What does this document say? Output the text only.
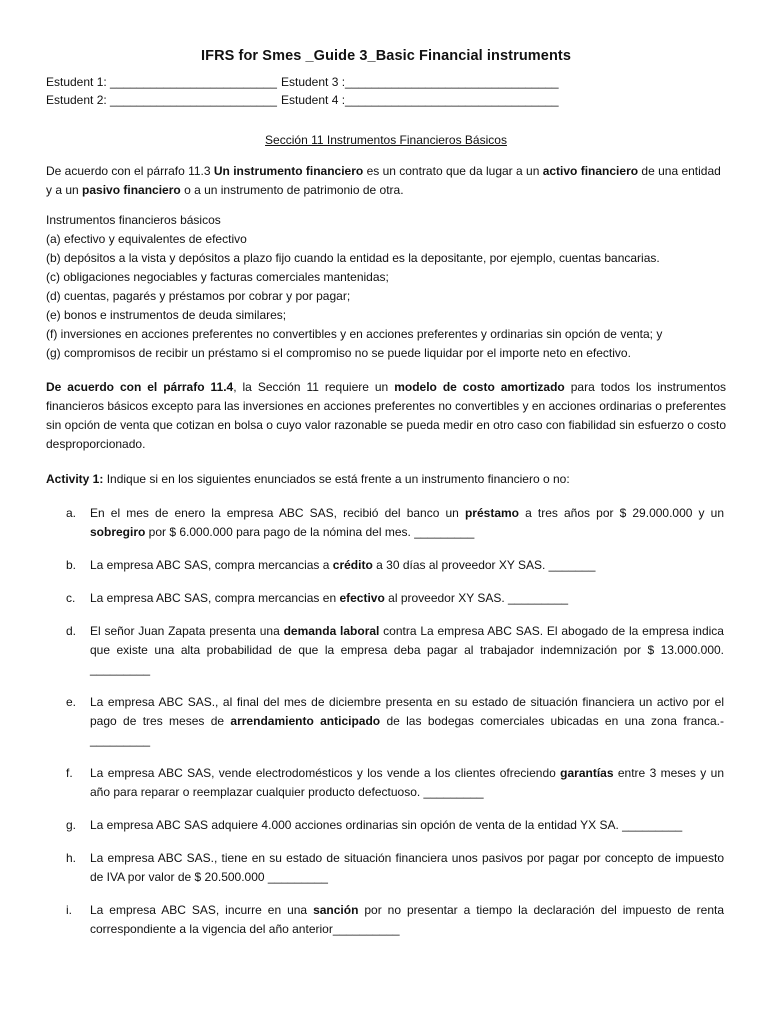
IFRS for Smes _Guide 3_Basic Financial instruments
Estudent 1: _________________________ Estudent 3 :________________________________
Estudent 2: _________________________ Estudent 4 :________________________________
Sección 11 Instrumentos Financieros Básicos

De acuerdo con el párrafo 11.3 Un instrumento financiero es un contrato que da lugar a un activo financiero de una entidad y a un pasivo financiero o a un instrumento de patrimonio de otra.

Instrumentos financieros básicos

(a) efectivo y equivalentes de efectivo
(b) depósitos a la vista y depósitos a plazo fijo cuando la entidad es la depositante, por ejemplo, cuentas bancarias.
(c) obligaciones negociables y facturas comerciales mantenidas;
(d) cuentas, pagarés y préstamos por cobrar y por pagar;
(e) bonos e instrumentos de deuda similares;
(f) inversiones en acciones preferentes no convertibles y en acciones preferentes y ordinarias sin opción de venta; y
(g) compromisos de recibir un préstamo si el compromiso no se puede liquidar por el importe neto en efectivo.

De acuerdo con el párrafo 11.4, la Sección 11 requiere un modelo de costo amortizado para todos los instrumentos financieros básicos excepto para las inversiones en acciones preferentes no convertibles y en acciones ordinarias o preferentes sin opción de venta que cotizan en bolsa o cuyo valor razonable se pueda medir en otro caso con fiabilidad sin esfuerzo o costo desproporcionado.

Activity 1: Indique si en los siguientes enunciados se está frente a un instrumento financiero o no:

a.	En el mes de enero la empresa ABC SAS, recibió del banco un préstamo a tres años por $ 29.000.000 y un sobregiro por $ 6.000.000 para pago de la nómina del mes. _________
b.	La empresa ABC SAS, compra mercancias a crédito a 30 días al proveedor XY SAS. _______
c.	La empresa ABC SAS, compra mercancias en efectivo al proveedor XY SAS. _________
d.	El señor Juan Zapata presenta una demanda laboral contra La empresa ABC SAS. El abogado de la empresa indica que existe una alta probabilidad de que la empresa deba pagar al trabajador indemnización por $ 13.000.000. _________
e.	La empresa ABC SAS., al final del mes de diciembre presenta en su estado de situación financiera un activo por el pago de tres meses de arrendamiento anticipado de las bodegas comerciales ubicadas en una zona franca.- _________
f.	La empresa ABC SAS, vende electrodomésticos y los vende a los clientes ofreciendo garantías entre 3 meses y un año para reparar o reemplazar cualquier producto defectuoso. _________
g.	La empresa ABC SAS adquiere 4.000 acciones ordinarias sin opción de venta de la entidad YX SA. _________
h.	La empresa ABC SAS., tiene en su estado de situación financiera unos pasivos por pagar por concepto de impuesto de IVA por valor de $ 20.500.000 _________
i.	La empresa ABC SAS, incurre en una sanción por no presentar a tiempo la declaración del impuesto de renta correspondiente a la vigencia del año anterior__________
